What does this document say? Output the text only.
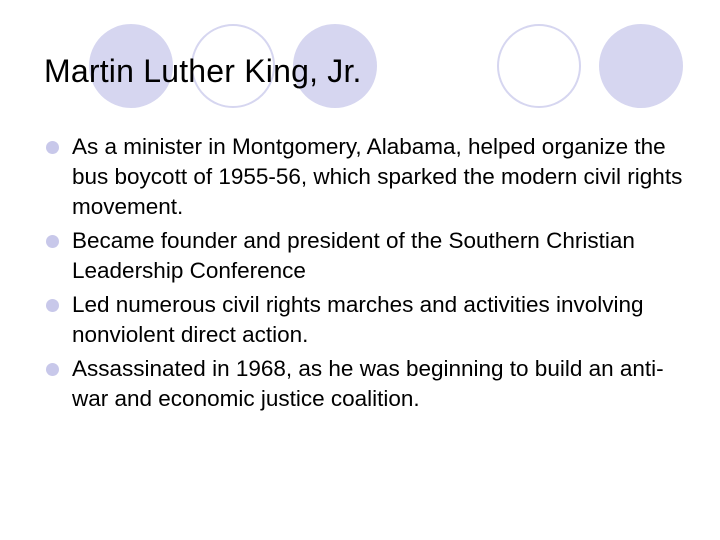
Martin Luther King, Jr.
As a minister in Montgomery, Alabama, helped organize the bus boycott of 1955-56, which sparked the modern civil rights movement.
Became founder and president of the Southern Christian Leadership Conference
Led numerous civil rights marches and activities involving nonviolent direct action.
Assassinated in 1968, as he was beginning to build an anti-war and economic justice coalition.
